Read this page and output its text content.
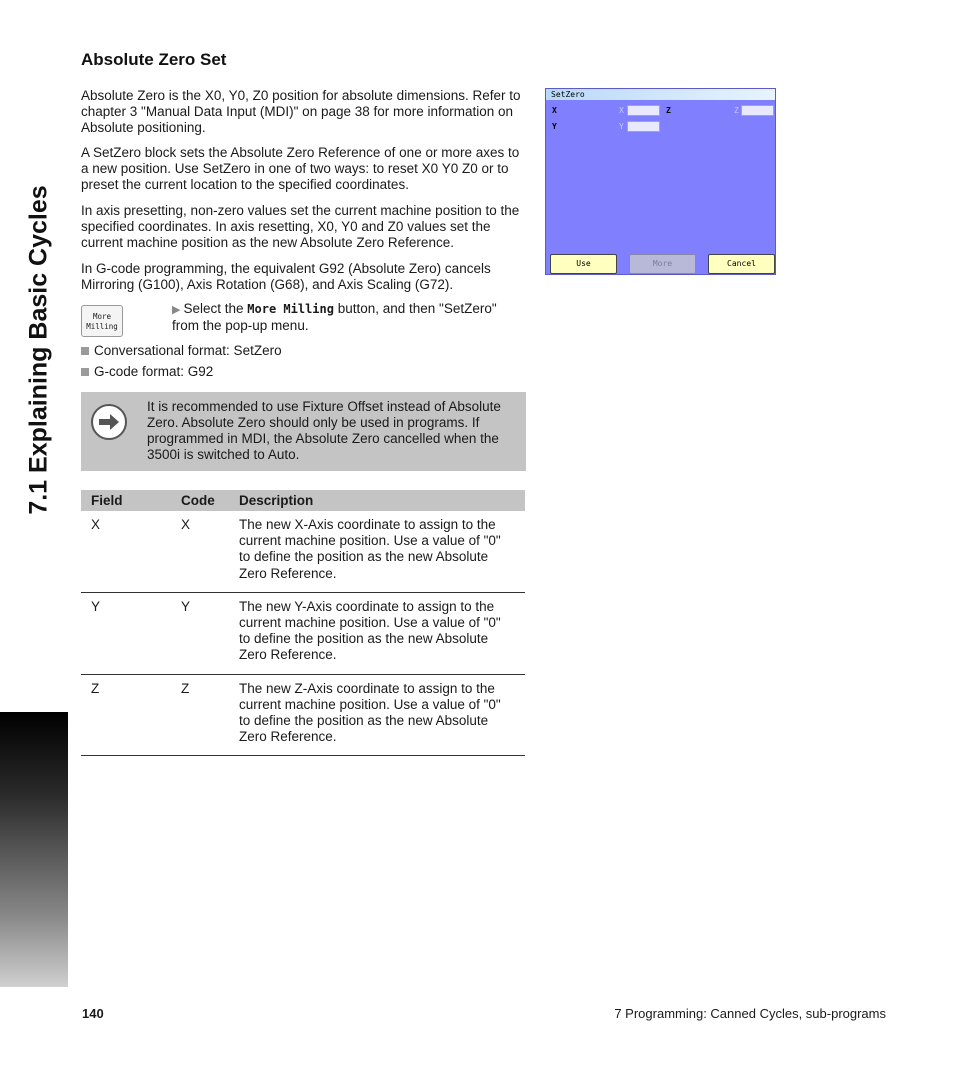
7.1 Explaining Basic Cycles
Absolute Zero Set

Absolute Zero is the X0, Y0, Z0 position for absolute dimensions. Refer to chapter 3 "Manual Data Input (MDI)" on page 38 for more information on Absolute positioning.

A SetZero block sets the Absolute Zero Reference of one or more axes to a new position. Use SetZero in one of two ways: to reset X0 Y0 Z0 or to preset the current location to the specified coordinates.

In axis presetting, non-zero values set the current machine position to the specified coordinates. In axis resetting, X0, Y0 and Z0 values set the current machine position as the new Absolute Zero Reference.

In G-code programming, the equivalent G92 (Absolute Zero) cancels Mirroring (G100), Axis Rotation (G68), and Axis Scaling (G72).

More
Milling
▶ Select the More Milling button, and then "SetZero" from the pop-up menu.
Conversational format: SetZero
G-code format: G92
It is recommended to use Fixture Offset instead of Absolute Zero. Absolute Zero should only be used in programs. If programmed in MDI, the Absolute Zero cancelled when the 3500i is switched to Auto.
Field	Code	Description
X	X	The new X-Axis coordinate to assign to the current machine position. Use a value of "0" to define the position as the new Absolute Zero Reference.
Y	Y	The new Y-Axis coordinate to assign to the current machine position. Use a value of "0" to define the position as the new Absolute Zero Reference.
Z	Z	The new Z-Axis coordinate to assign to the current machine position. Use a value of "0" to define the position as the new Absolute Zero Reference.
SetZero
X	X	Z	Z
Y	Y
Use	More	Cancel
140	7 Programming: Canned Cycles, sub-programs
